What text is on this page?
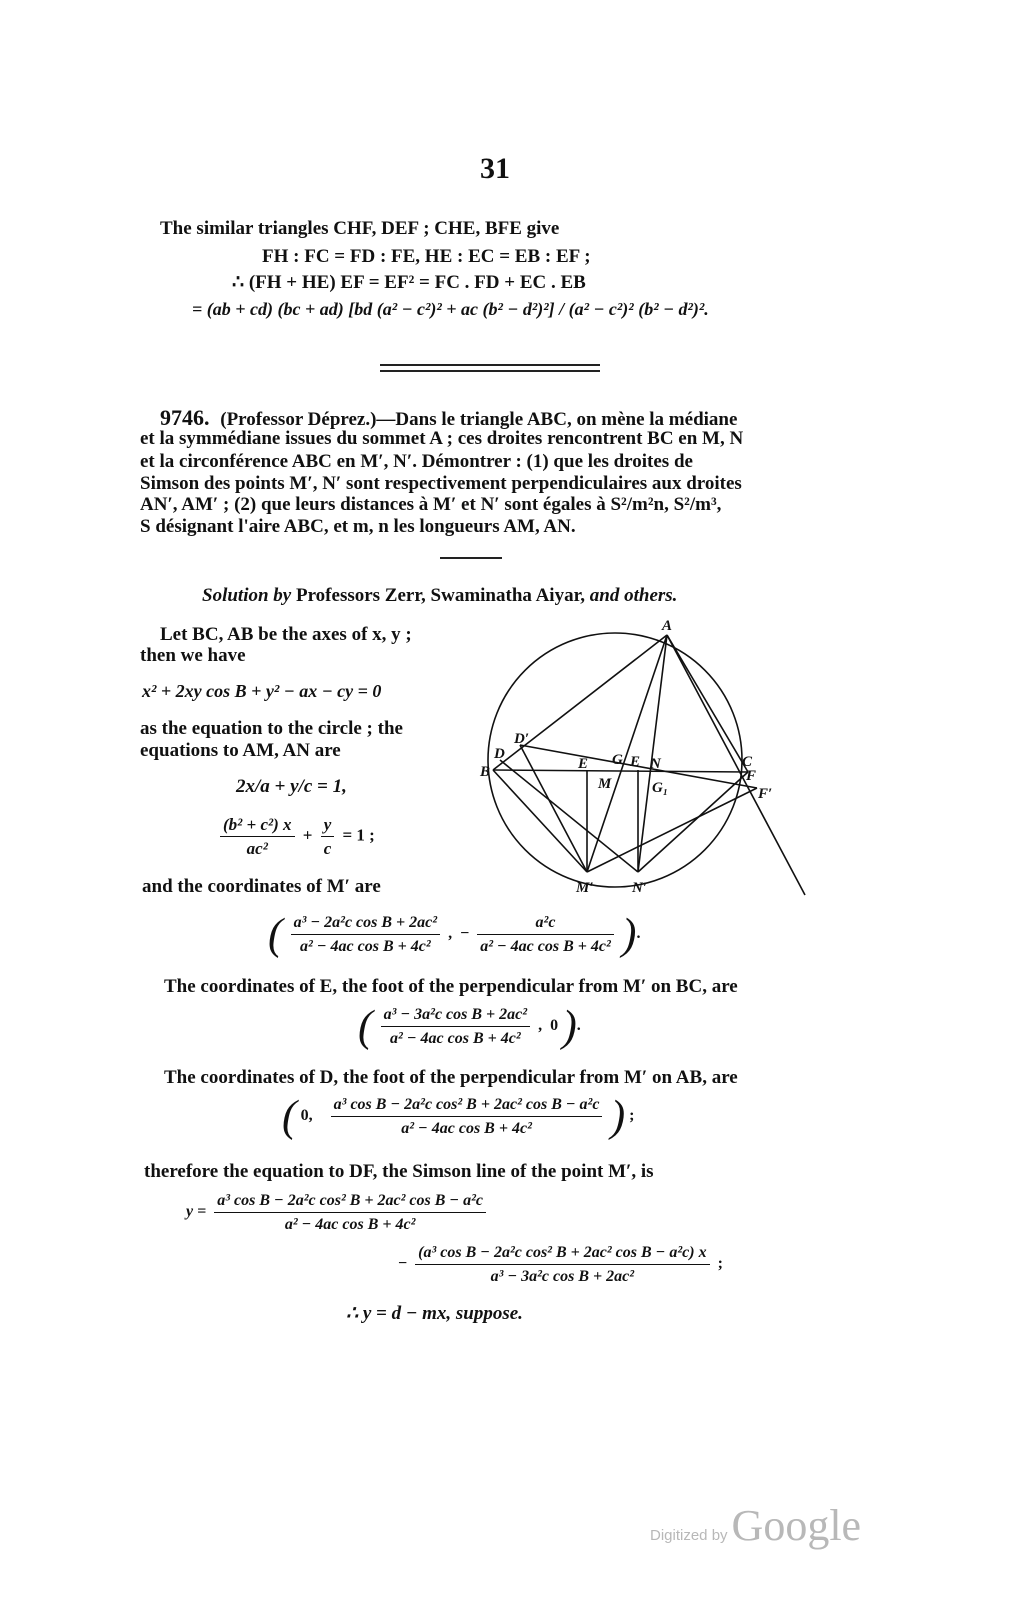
31
The similar triangles CHF, DEF ; CHE, BFE give
FH : FC = FD : FE, HE : EC = EB : EF ;
∴ (FH + HE) EF = EF² = FC . FD + EC . EB
= (ab + cd) (bc + ad) [bd (a² − c²)² + ac (b² − d²)²] / (a² − c²)² (b² − d²)².
9746. (Professor Déprez.)—Dans le triangle ABC, on mène la médiane
et la symmédiane issues du sommet A ; ces droites rencontrent BC en M, N
et la circonférence ABC en M′, N′. Démontrer : (1) que les droites de
Simson des points M′, N′ sont respectivement perpendiculaires aux droites
AN′, AM′ ; (2) que leurs distances à M′ et N′ sont égales à S²/m²n, S²/m³,
S désignant l'aire ABC, et m, n les longueurs AM, AN.
Solution by Professors Zerr, Swaminatha Aiyar, and others.
Let BC, AB be the axes of x, y ;
then we have
x² + 2xy cos B + y² − ax − cy = 0
as the equation to the circle ; the
equations to AM, AN are
2x/a + y/c = 1,
$\frac{\text{(b² + c²) x}}{\text{ac²}} + \frac{y}{c} = 1$ ;
and the coordinates of M′ are
A
B
C
D
D′
E
F
F′
G
G₁
E N
M
M′	N′
( $\frac{\text{a³ − 2a²c cos B + 2ac²}}{\text{a² − 4ac cos B + 4c²}}$ ,  − $\frac{\text{a²c}}{\text{a² − 4ac cos B + 4c²}}$ ).
The coordinates of E, the foot of the perpendicular from M′ on BC, are
( $\frac{\text{a³ − 3a²c cos B + 2ac²}}{\text{a² − 4ac cos B + 4c²}}$ ,  0 ).
The coordinates of D, the foot of the perpendicular from M′ on AB, are
( 0, $\frac{\text{a³ cos B − 2a²c cos² B + 2ac² cos B − a²c}}{\text{a² − 4ac cos B + 4c²}}$ ) ;
therefore the equation to DF, the Simson line of the point M′, is
$y = \frac{\text{a³ cos B − 2a²c cos² B + 2ac² cos B − a²c}}{\text{a² − 4ac cos B + 4c²}}$
− $\frac{\text{(a³ cos B − 2a²c cos² B + 2ac² cos B − a²c) x}}{\text{a³ − 3a²c cos B + 2ac²}}$ ;
∴ y = d − mx, suppose.
Digitized by Google
